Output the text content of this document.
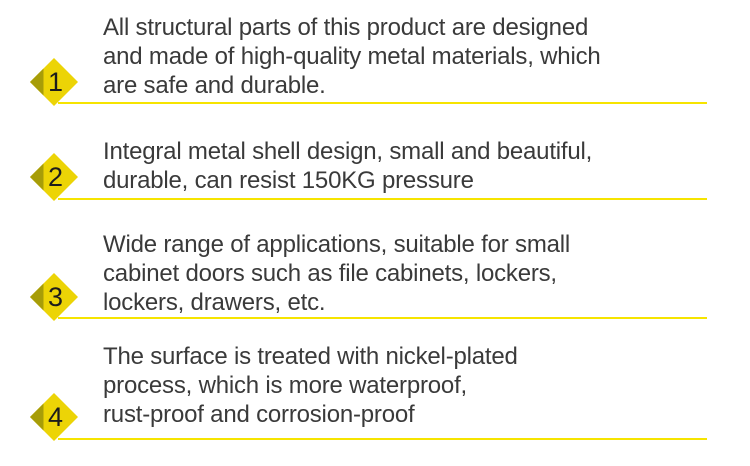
1
All structural parts of this product are designed
and made of high-quality metal materials, which
are safe and durable.
2
Integral metal shell design, small and beautiful,
durable, can resist 150KG pressure
3
Wide range of applications, suitable for small
cabinet doors such as file cabinets, lockers,
lockers, drawers, etc.
4
The surface is treated with nickel-plated
process, which is more waterproof,
rust-proof and corrosion-proof
